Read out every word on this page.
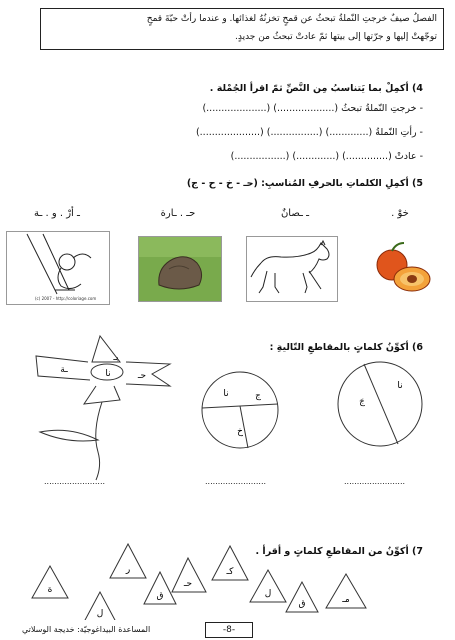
الفصلُ صيفٌ خرجتِ النّملةُ تبحثُ عن قمحٍ تخزنُهُ لغذائها. و عندما رأتْ حبّةَ قمحٍ
توجّهتْ إليها و جرّتها إلى بيتها ثمّ عادتْ تبحثُ من جديدٍ.
4) أكمِلْ بما يَتناسبُ مِن النَّصِّ ثمّ اقرأ الجُمْلة .
- خرجتِ النّملةُ تبحثُ (...................) (....................)
- رأتِ النّملةُ (.............) (................) (....................)
- عادتْ (..............) (.............) (.................)
5) أكمِلِ الكلماتِ بالحرفِ المُناسبِ: (حـ - خ - ح - ج)
خوْ .
ـ ـصانٌ
حـ . ـارة
ـ أرْ . و . ـة
(c) 2007 - http://coloriage.com
6) أكوِّنُ كلماتٍ بالمقاطعِ التّاليةِ :
بـ
حـ
ـة	نا
نا	ج
خ
نا
جَ
........................	........................	........................
7) أكوِّنُ من المقاطعِ كلماتٍ و أقرأ .
ة
ل
ر
ق
حـ
كـ
ل
ق	مـ
-8-
المساعدة البيداغوجيّة: خديجة الوسلاتي
